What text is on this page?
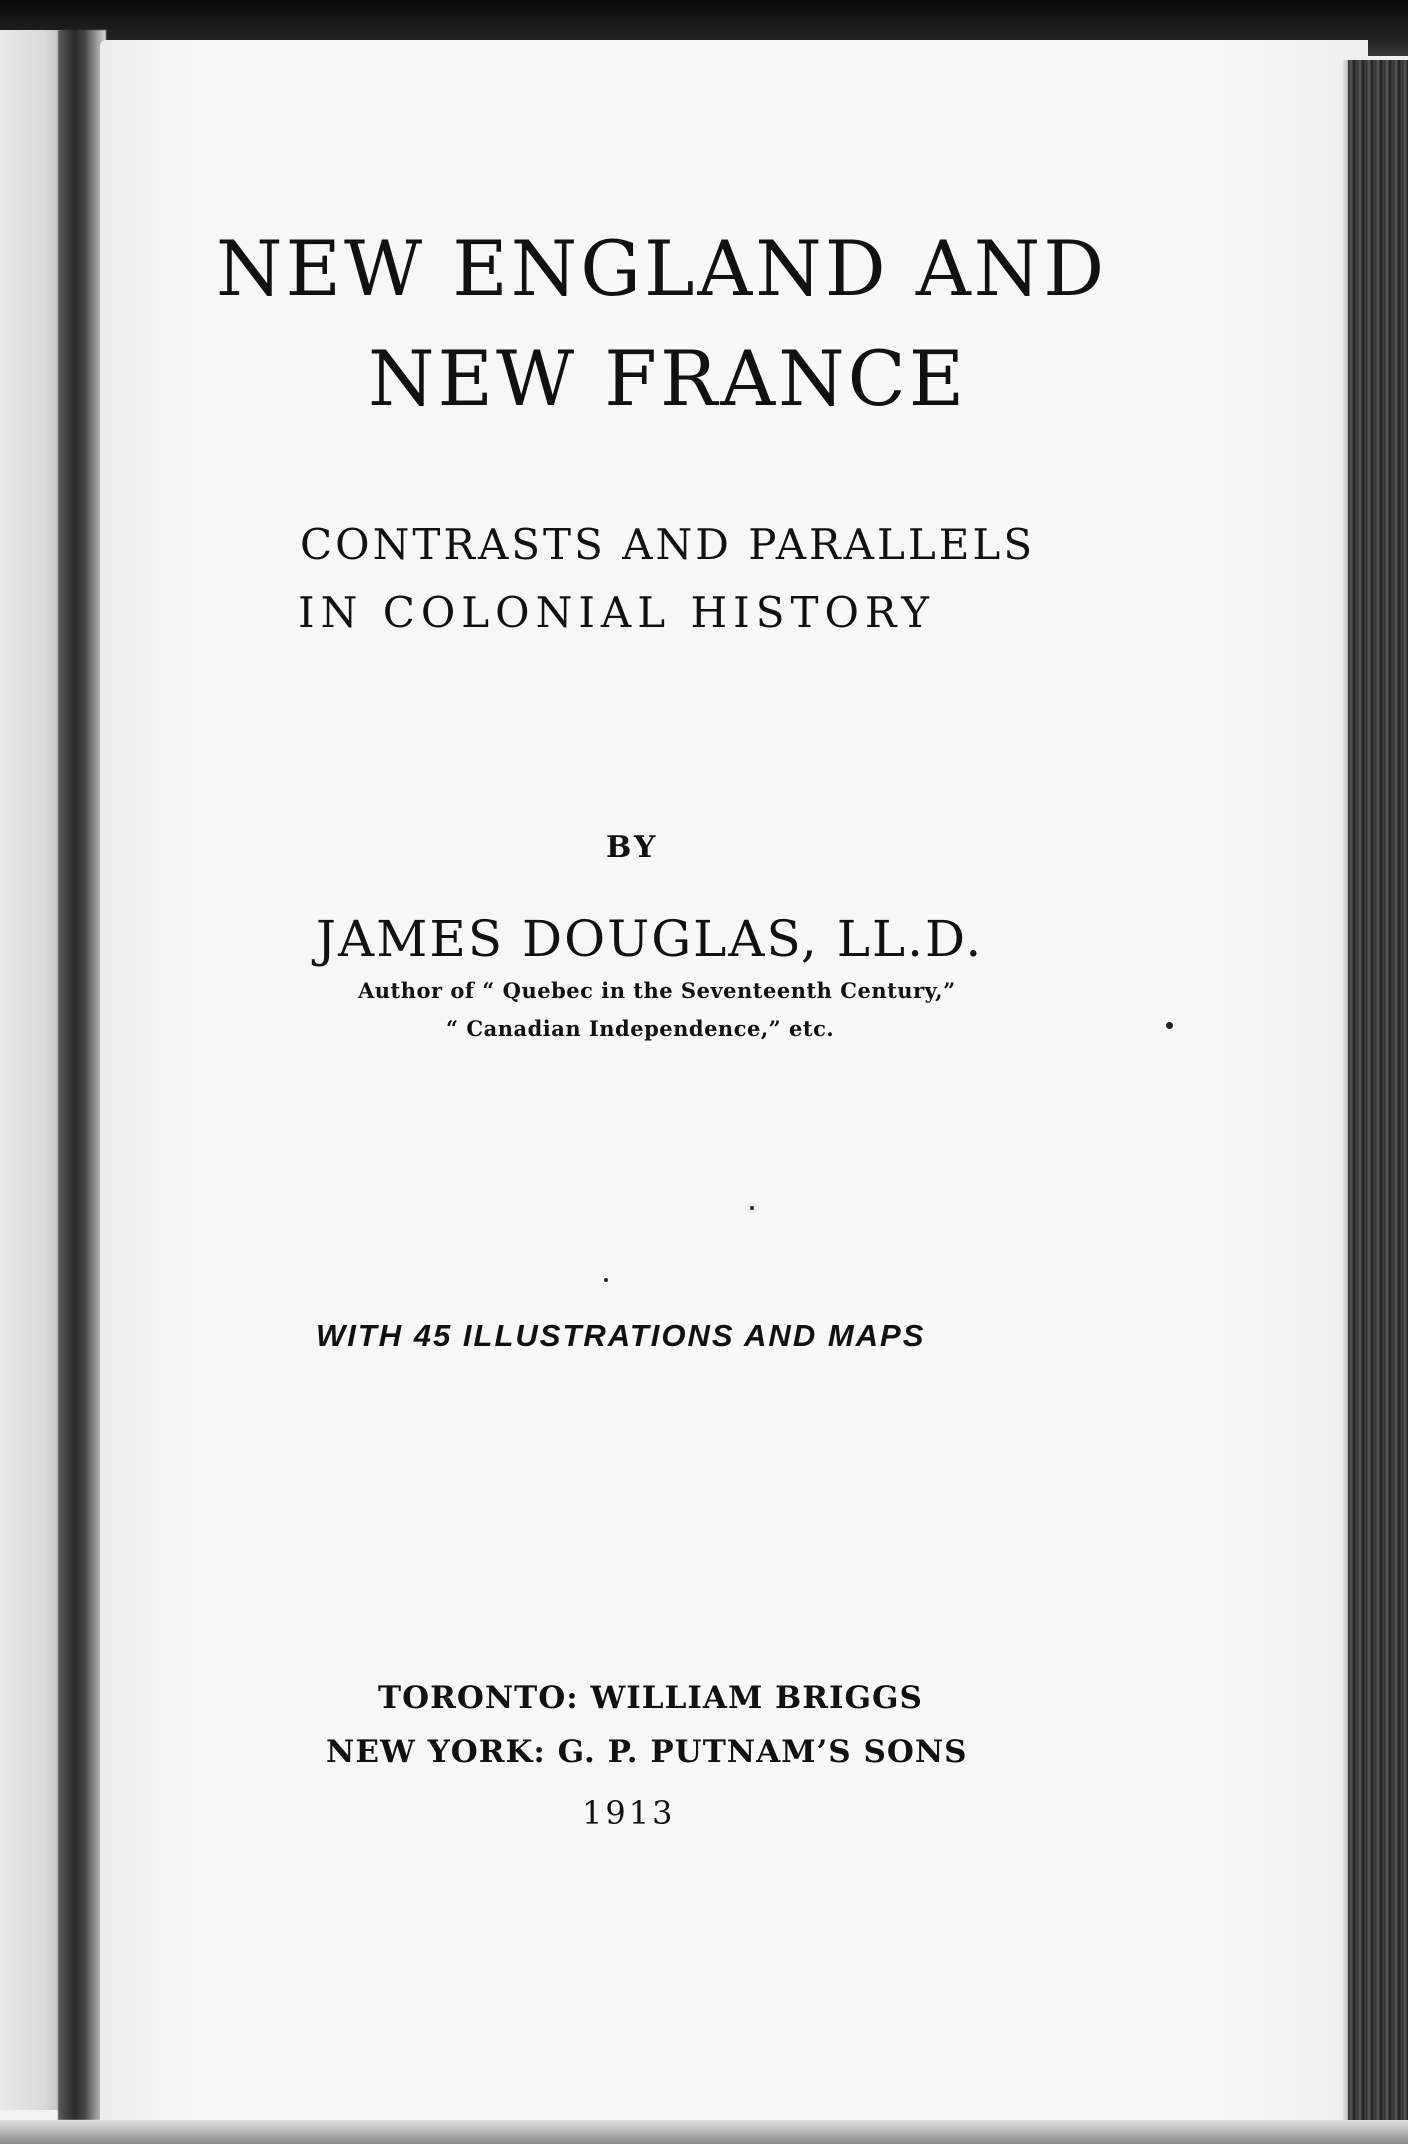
NEW ENGLAND AND
NEW FRANCE
CONTRASTS AND PARALLELS
IN COLONIAL HISTORY
BY
JAMES DOUGLAS, LL.D.
Author of “ Quebec in the Seventeenth Century,”
“ Canadian Independence,” etc.
WITH 45 ILLUSTRATIONS AND MAPS
TORONTO: WILLIAM BRIGGS
NEW YORK: G. P. PUTNAM’S SONS
1913
